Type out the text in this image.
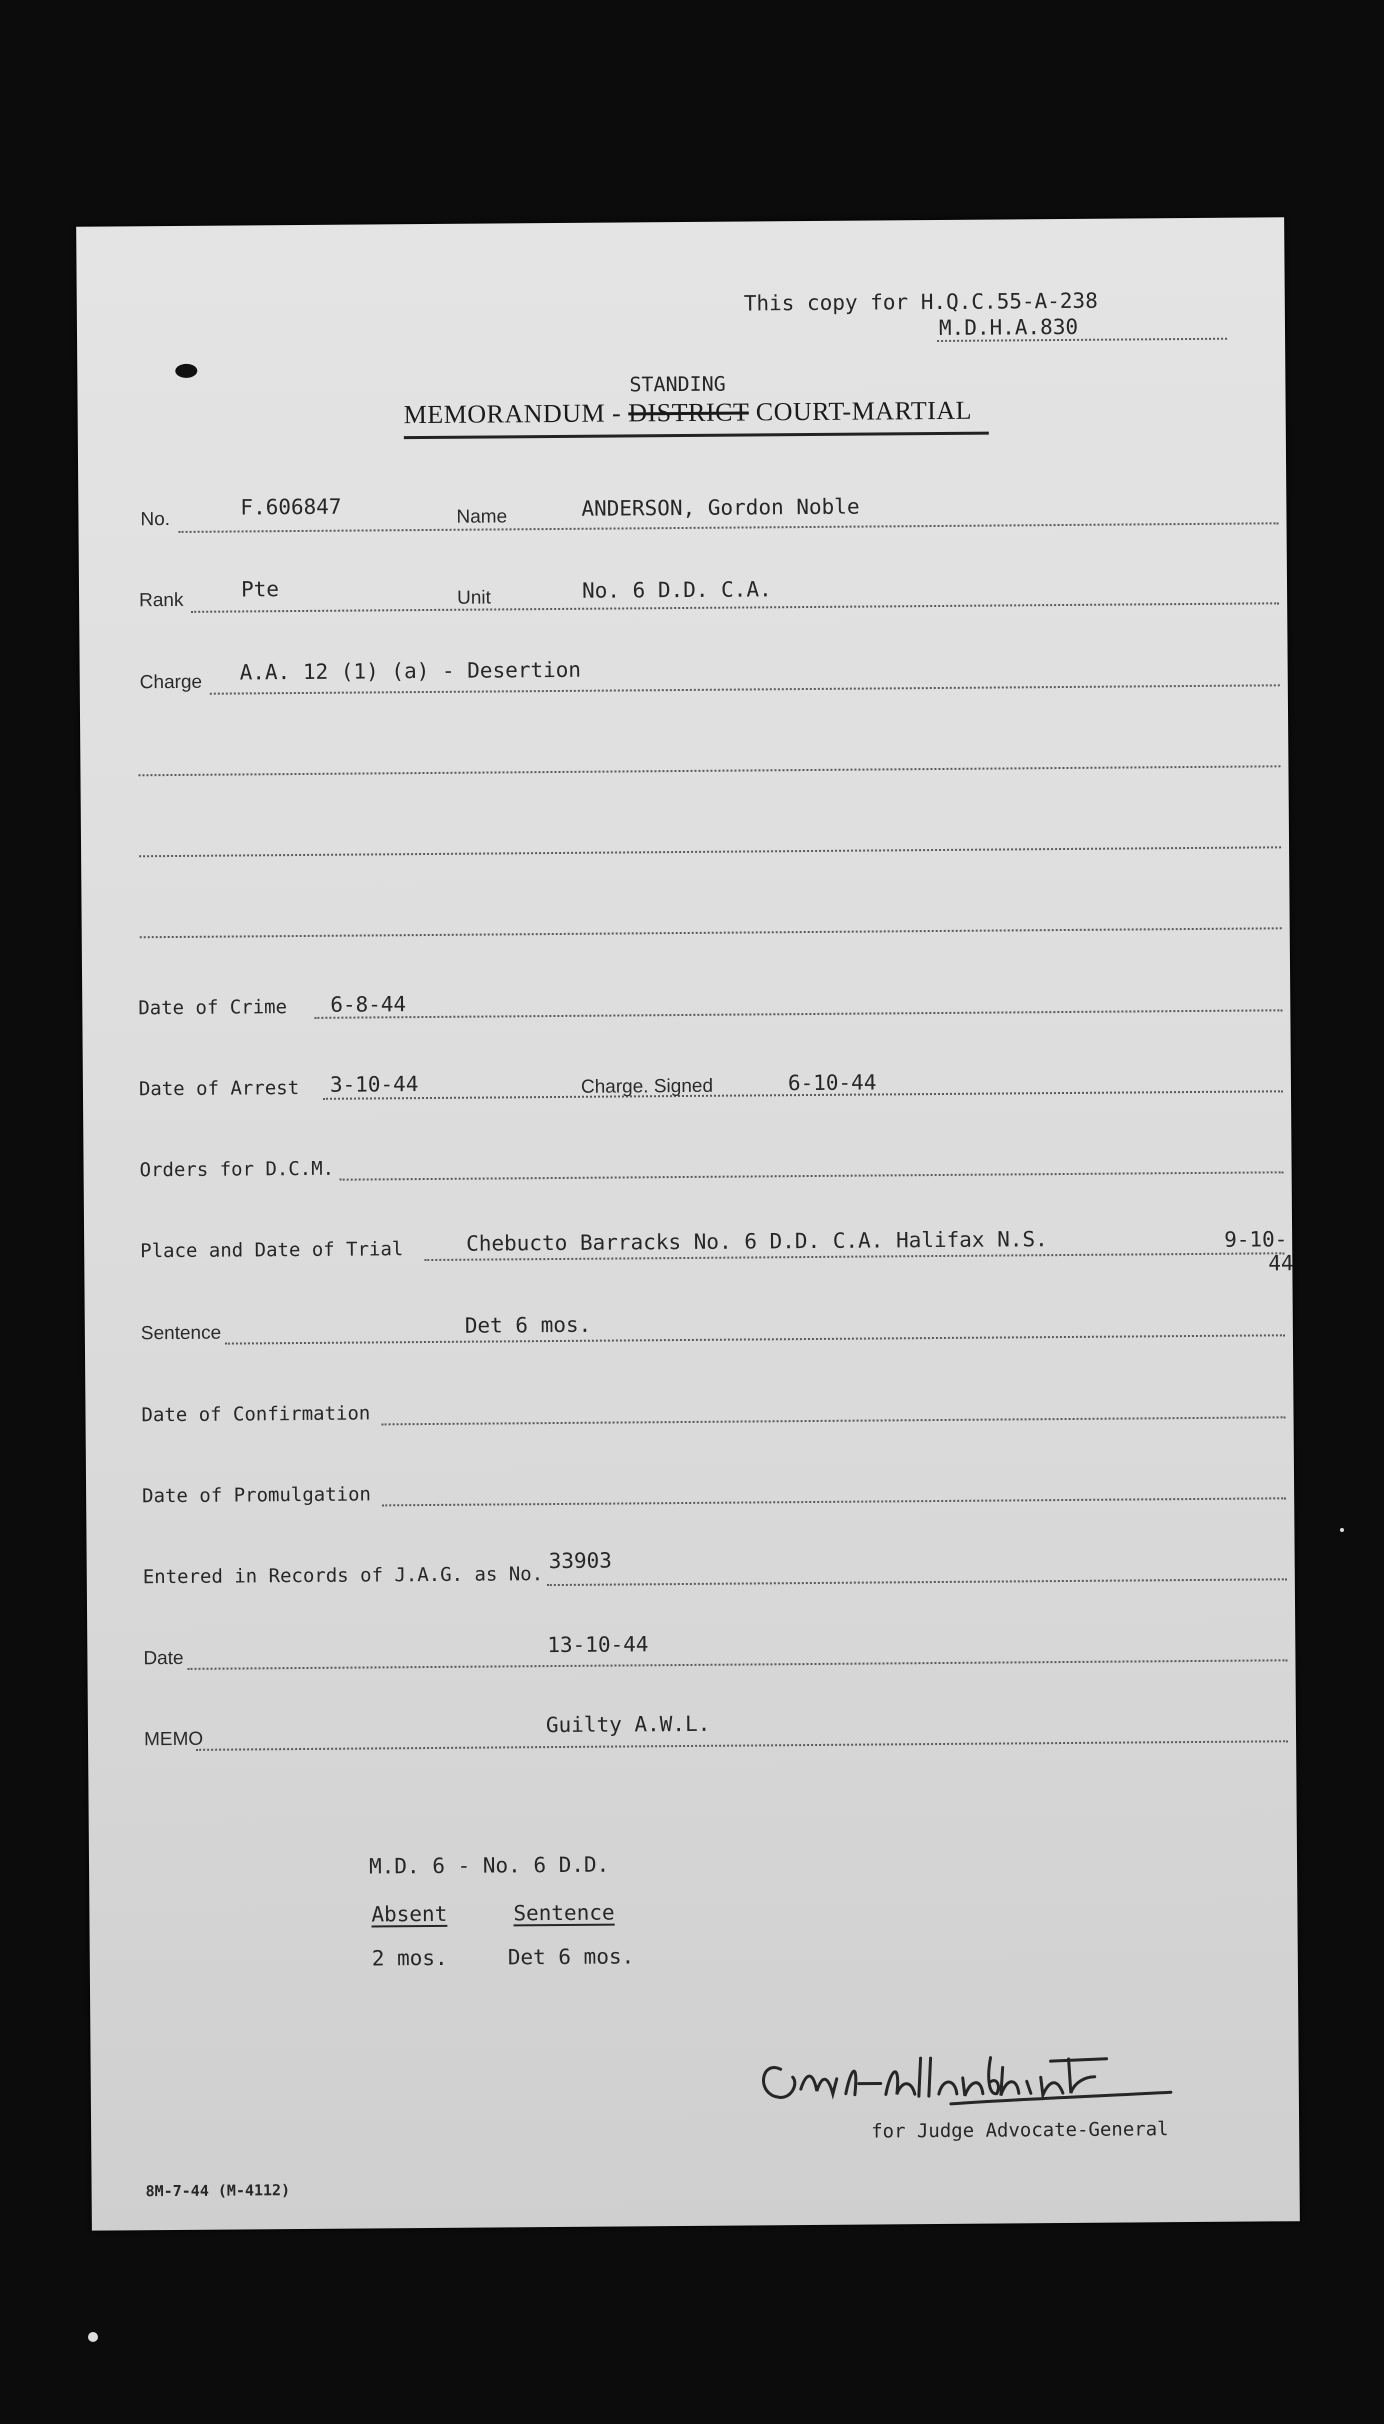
This copy for H.Q.C.55-A-238
M.D.H.A.830
STANDING
MEMORANDUM - DISTRICT COURT-MARTIAL
No.
F.606847	Name	ANDERSON, Gordon Noble
Rank	Pte	Unit	No. 6 D.D. C.A.
Charge A.A. 12 (1) (a) - Desertion
Date of Crime 6-8-44
Date of Arrest 3-10-44	Charge. Signed	6-10-44
Orders for D.C.M.
Place and Date of Trial	Chebucto Barracks No. 6 D.D. C.A. Halifax N.S.	9-10-
44
Sentence	Det 6 mos.
Date of Confirmation
Date of Promulgation
Entered in Records of J.A.G. as No.
33903
Date
13-10-44
MEMO
Guilty A.W.L.
M.D. 6 - No. 6 D.D.
Absent	Sentence
2 mos.	Det 6 mos.
for Judge Advocate-General
8M-7-44 (M-4112)
